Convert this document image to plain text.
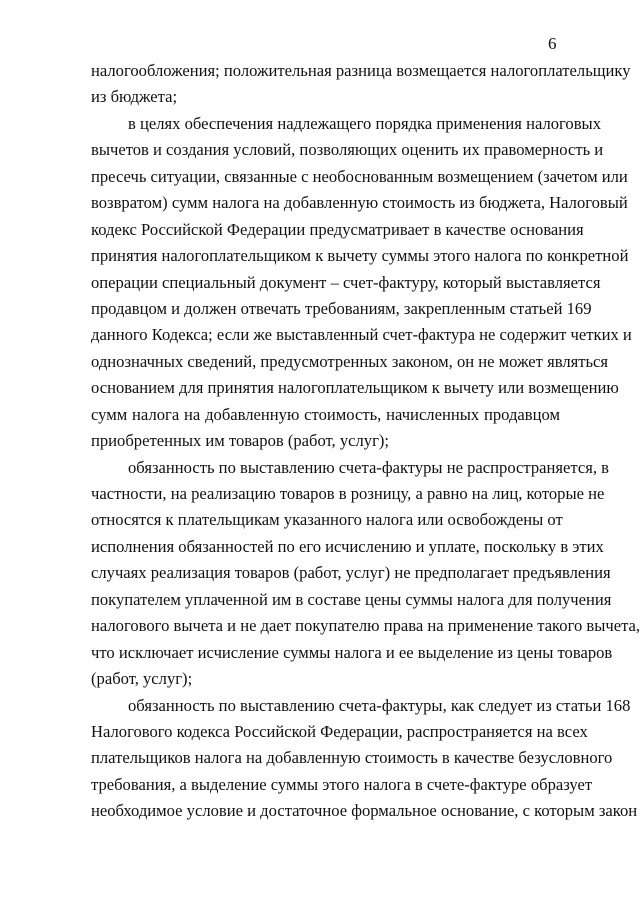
6
налогообложения; положительная разница возмещается налогоплательщику
из бюджета;
в целях обеспечения надлежащего порядка применения налоговых
вычетов и создания условий, позволяющих оценить их правомерность и
пресечь ситуации, связанные с необоснованным возмещением (зачетом или
возвратом) сумм налога на добавленную стоимость из бюджета, Налоговый
кодекс Российской Федерации предусматривает в качестве основания
принятия налогоплательщиком к вычету суммы этого налога по конкретной
операции специальный документ – счет-фактуру, который выставляется
продавцом и должен отвечать требованиям, закрепленным статьей 169
данного Кодекса; если же выставленный счет-фактура не содержит четких и
однозначных сведений, предусмотренных законом, он не может являться
основанием для принятия налогоплательщиком к вычету или возмещению
сумм налога на добавленную стоимость, начисленных продавцом
приобретенных им товаров (работ, услуг);
обязанность по выставлению счета-фактуры не распространяется, в
частности, на реализацию товаров в розницу, а равно на лиц, которые не
относятся к плательщикам указанного налога или освобождены от
исполнения обязанностей по его исчислению и уплате, поскольку в этих
случаях реализация товаров (работ, услуг) не предполагает предъявления
покупателем уплаченной им в составе цены суммы налога для получения
налогового вычета и не дает покупателю права на применение такого вычета,
что исключает исчисление суммы налога и ее выделение из цены товаров
(работ, услуг);
обязанность по выставлению счета-фактуры, как следует из статьи 168
Налогового кодекса Российской Федерации, распространяется на всех
плательщиков налога на добавленную стоимость в качестве безусловного
требования, а выделение суммы этого налога в счете-фактуре образует
необходимое условие и достаточное формальное основание, с которым закон
